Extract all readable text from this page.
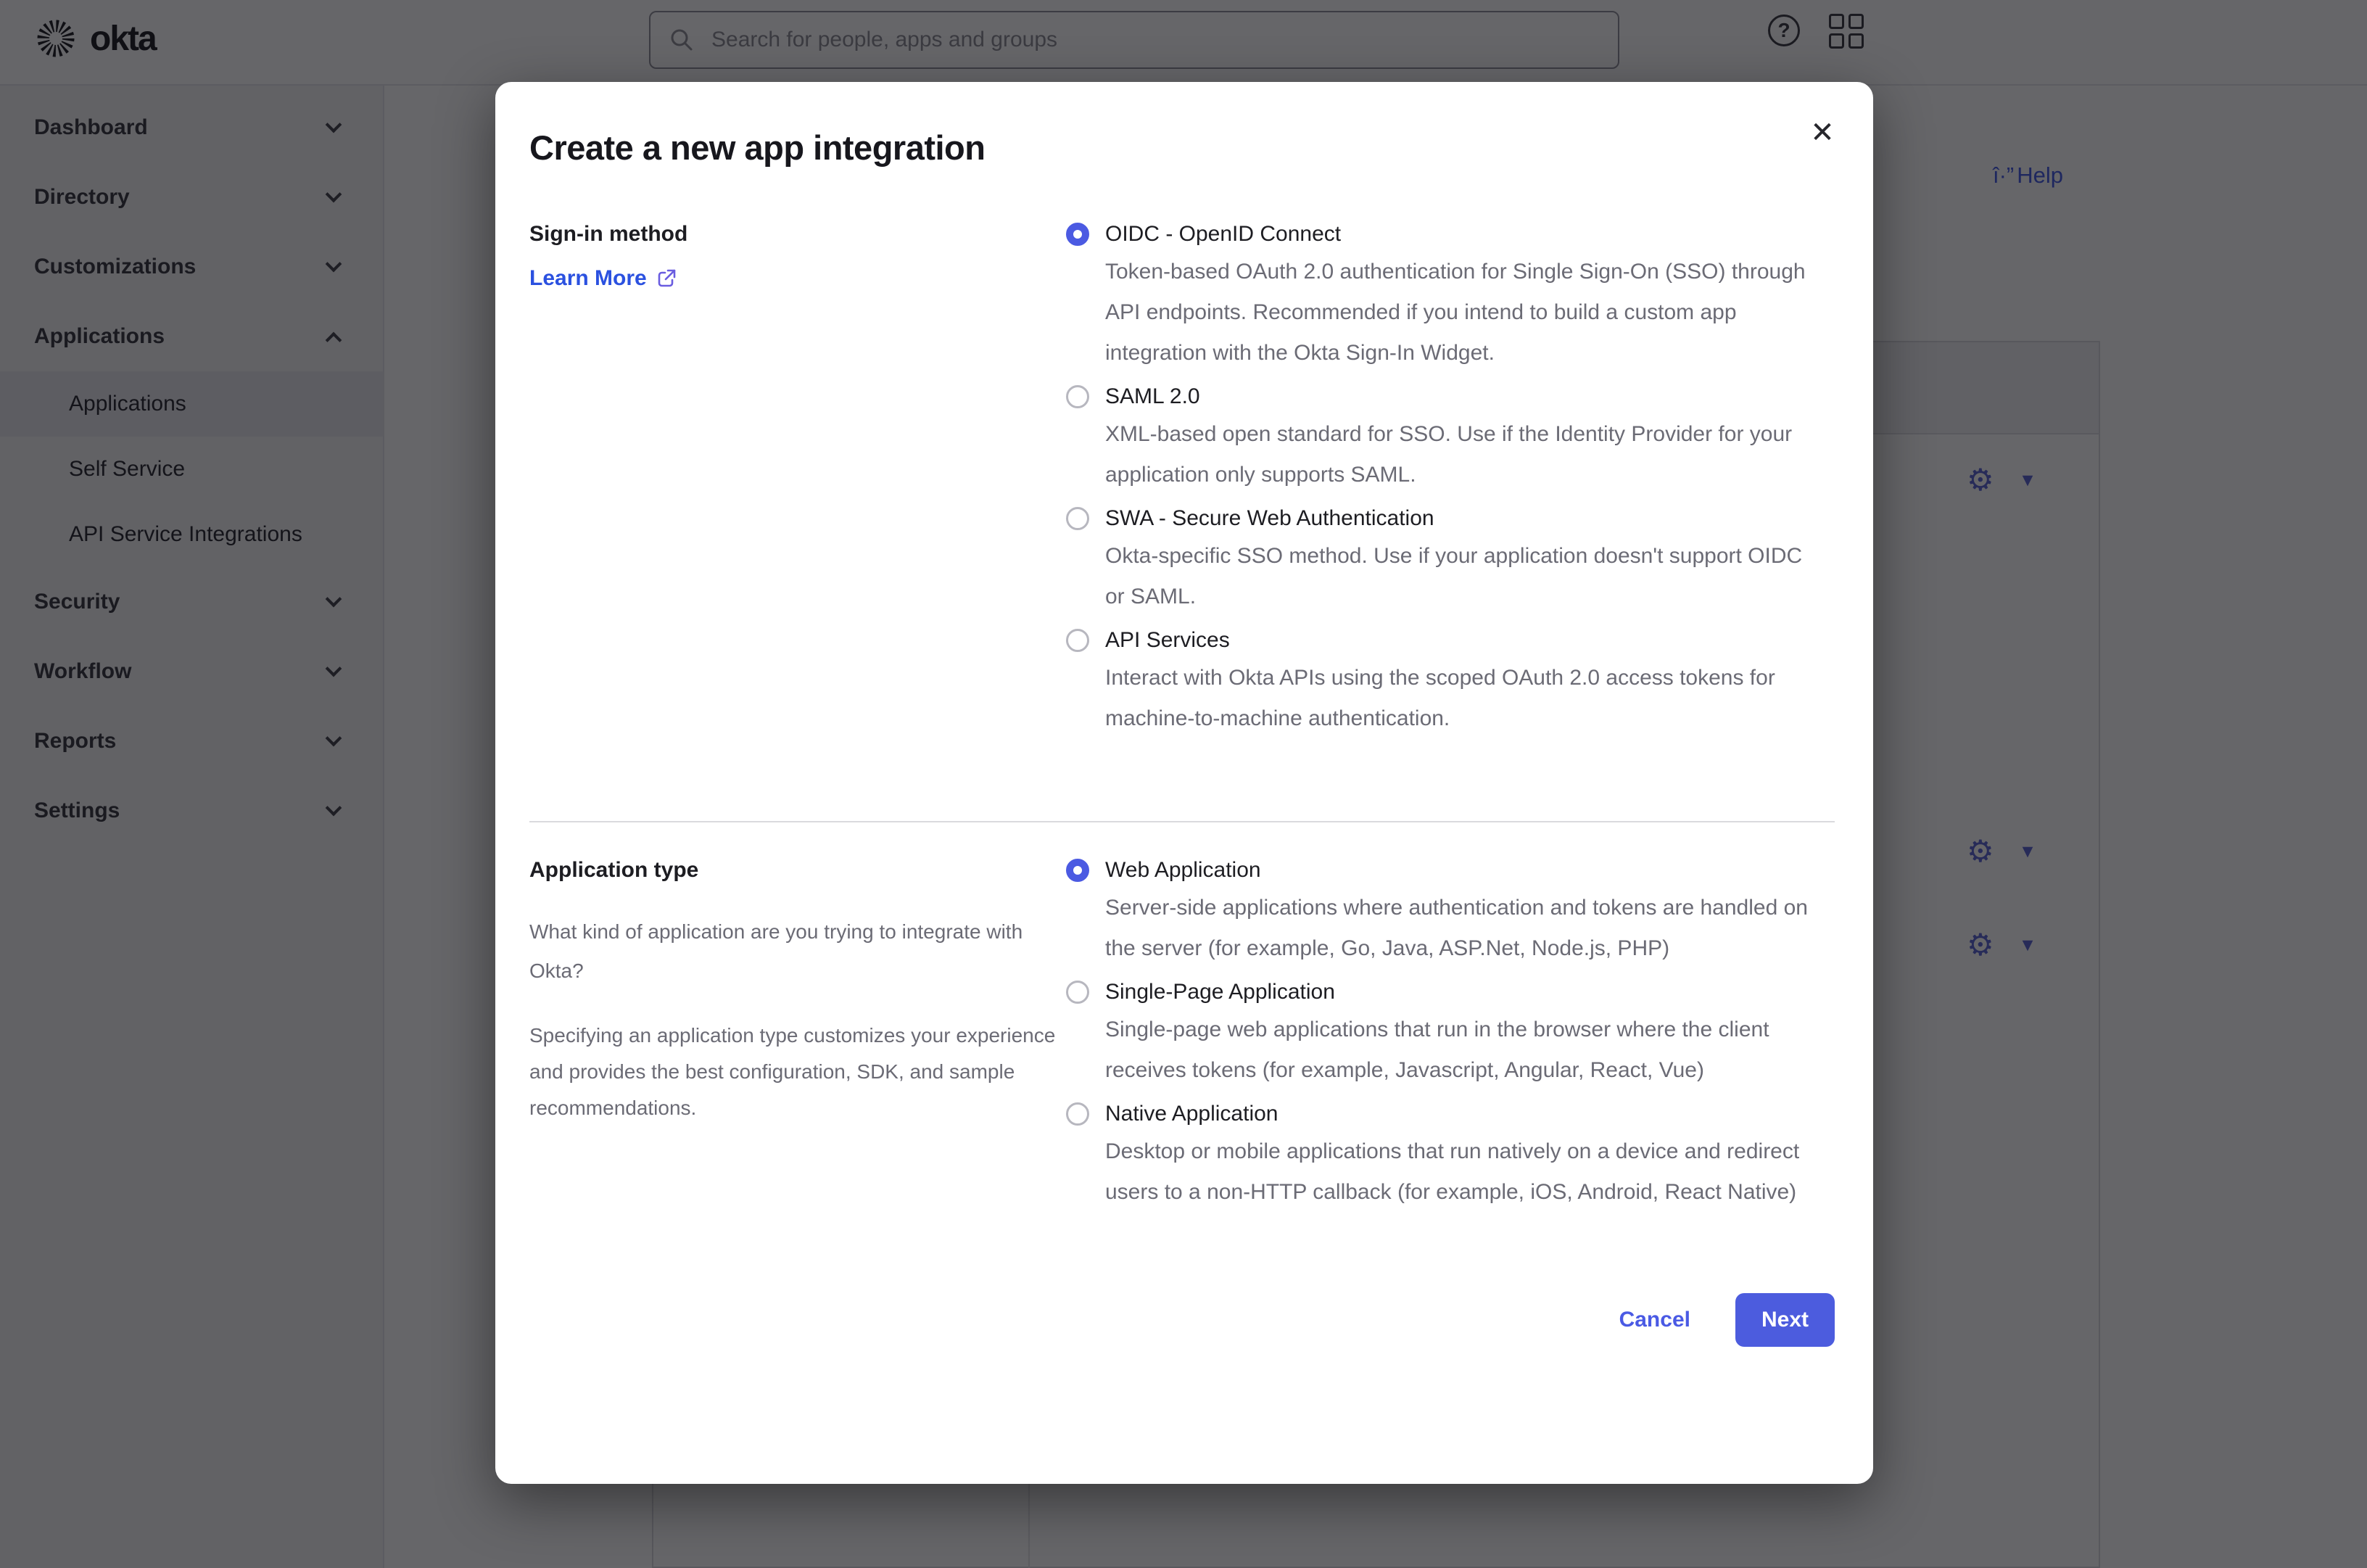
Search for people, apps and groups
✕
Create a new app integration
Sign-in method
Learn More
OIDC - OpenID Connect
Token-based OAuth 2.0 authentication for Single Sign-On (SSO) through API endpoints. Recommended if you intend to build a custom app integration with the Okta Sign-In Widget.
SAML 2.0
XML-based open standard for SSO. Use if the Identity Provider for your application only supports SAML.
SWA - Secure Web Authentication
Okta-specific SSO method. Use if your application doesn't support OIDC or SAML.
API Services
Interact with Okta APIs using the scoped OAuth 2.0 access tokens for machine-to-machine authentication.
Application type
What kind of application are you trying to integrate with Okta?
Specifying an application type customizes your experience and provides the best configuration, SDK, and sample recommendations.
Web Application
Server-side applications where authentication and tokens are handled on the server (for example, Go, Java, ASP.Net, Node.js, PHP)
Single-Page Application
Single-page web applications that run in the browser where the client receives tokens (for example, Javascript, Angular, React, Vue)
Native Application
Desktop or mobile applications that run natively on a device and redirect users to a non-HTTP callback (for example, iOS, Android, React Native)
Cancel	Next
